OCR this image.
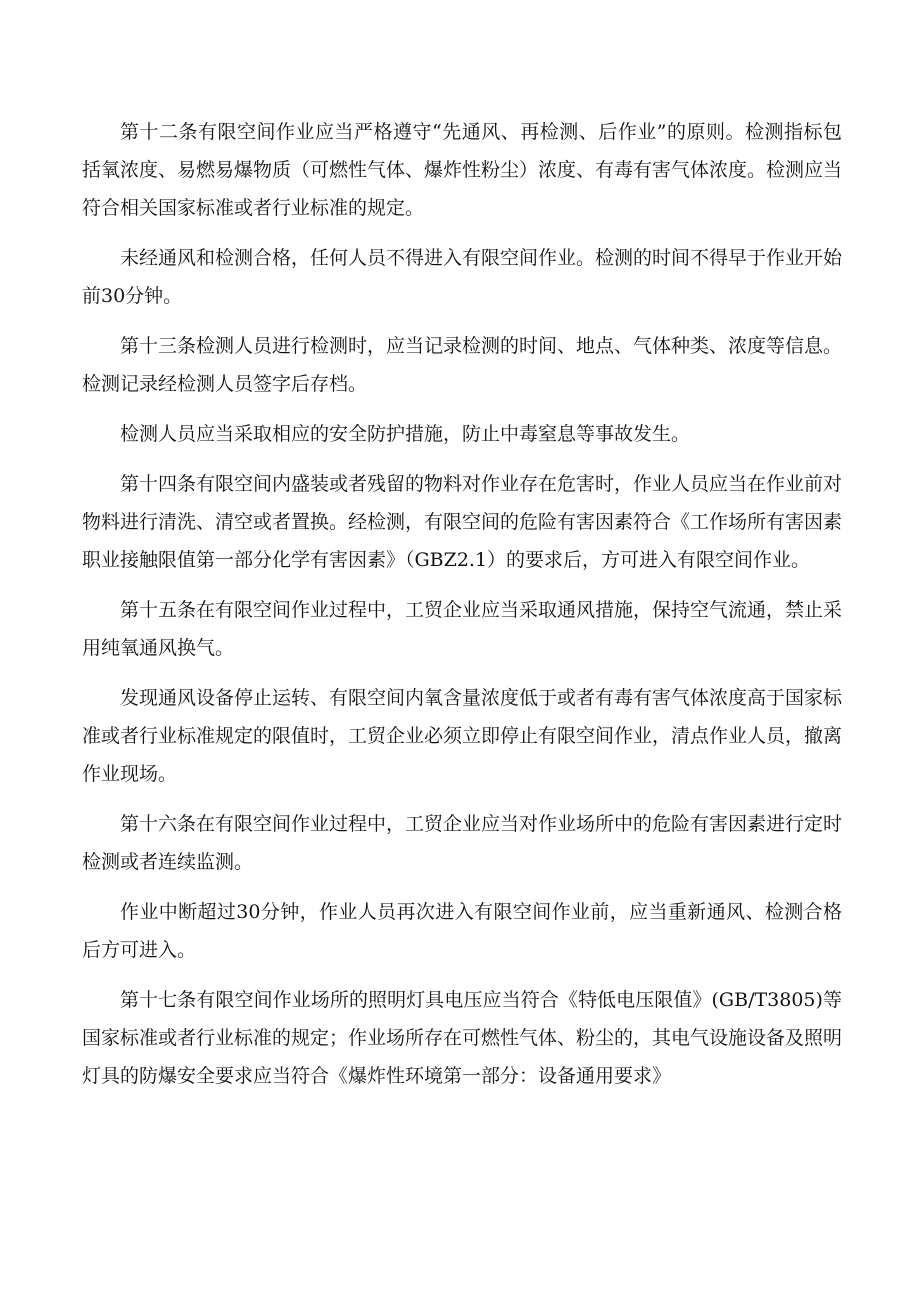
第十二条有限空间作业应当严格遵守“先通风、再检测、后作业”的原则。检测指标包括氧浓度、易燃易爆物质（可燃性气体、爆炸性粉尘）浓度、有毒有害气体浓度。检测应当符合相关国家标准或者行业标准的规定。

未经通风和检测合格，任何人员不得进入有限空间作业。检测的时间不得早于作业开始前30分钟。

第十三条检测人员进行检测时，应当记录检测的时间、地点、气体种类、浓度等信息。检测记录经检测人员签字后存档。

检测人员应当采取相应的安全防护措施，防止中毒窒息等事故发生。

第十四条有限空间内盛装或者残留的物料对作业存在危害时，作业人员应当在作业前对物料进行清洗、清空或者置换。经检测，有限空间的危险有害因素符合《工作场所有害因素职业接触限值第一部分化学有害因素》（GBZ2.1）的要求后，方可进入有限空间作业。

第十五条在有限空间作业过程中，工贸企业应当采取通风措施，保持空气流通，禁止采用纯氧通风换气。

发现通风设备停止运转、有限空间内氧含量浓度低于或者有毒有害气体浓度高于国家标准或者行业标准规定的限值时，工贸企业必须立即停止有限空间作业，清点作业人员，撤离作业现场。

第十六条在有限空间作业过程中，工贸企业应当对作业场所中的危险有害因素进行定时检测或者连续监测。

作业中断超过30分钟，作业人员再次进入有限空间作业前，应当重新通风、检测合格后方可进入。

第十七条有限空间作业场所的照明灯具电压应当符合《特低电压限值》(GB/T3805)等国家标准或者行业标准的规定；作业场所存在可燃性气体、粉尘的，其电气设施设备及照明灯具的防爆安全要求应当符合《爆炸性环境第一部分：设备通用要求》
